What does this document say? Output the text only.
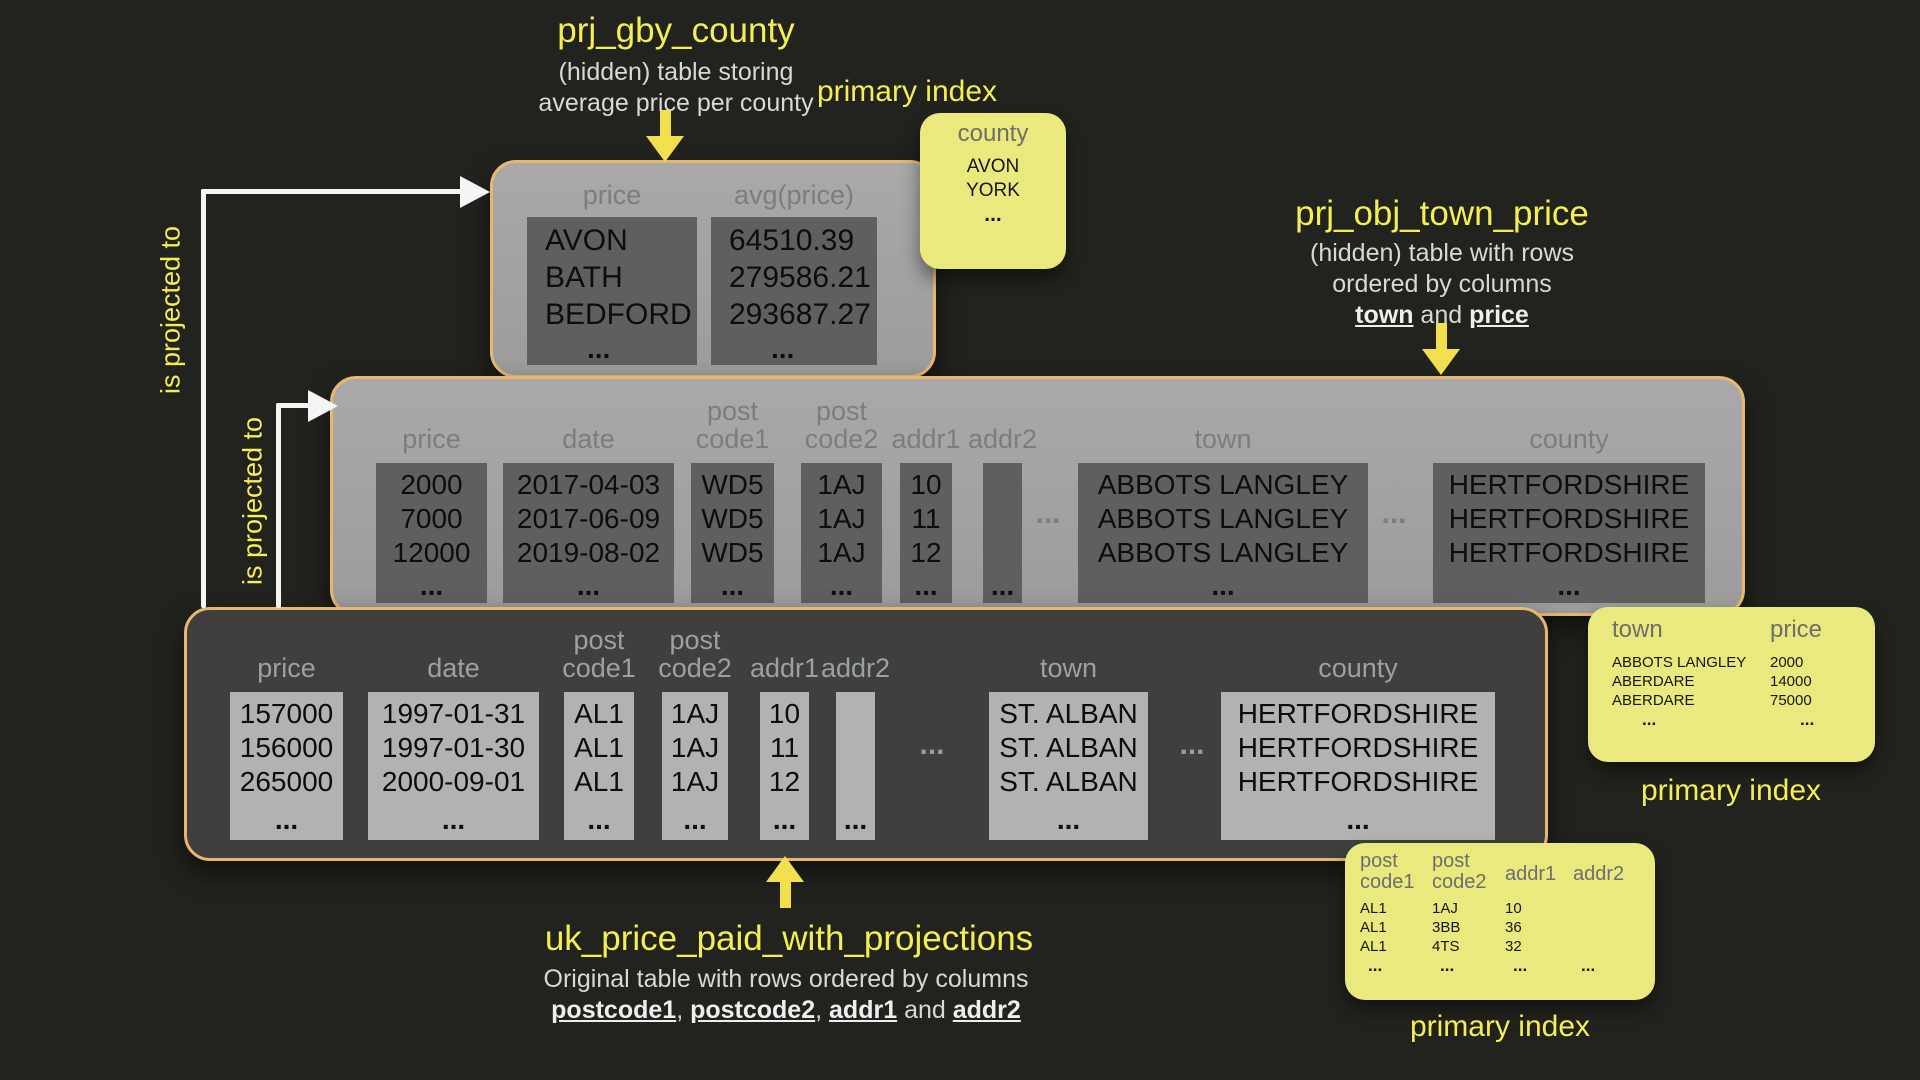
is projected to
is projected to
prj_gby_county
(hidden) table storing
average price per county
prj_obj_town_price
(hidden) table with rows
ordered by columns
town and price
uk_price_paid_with_projections
Original table with rows ordered by columns
postcode1, postcode2, addr1 and addr2
primary index
primary index
primary index
price
AVON
BATH
BEDFORD
...
avg(price)
64510.39
279586.21
293687.27
...
price
2000
7000
12000
...
date
2017-04-03
2017-06-09
2019-08-02
...
post
code1
WD5
WD5
WD5
...
post
code2
1AJ
1AJ
1AJ
...
addr1
10
11
12
...
addr2
...
...
town
ABBOTS LANGLEY
ABBOTS LANGLEY
ABBOTS LANGLEY
...
...
county
HERTFORDSHIRE
HERTFORDSHIRE
HERTFORDSHIRE
...
price
157000
156000
265000
...
date
1997-01-31
1997-01-30
2000-09-01
...
post
code1
AL1
AL1
AL1
...
post
code2
1AJ
1AJ
1AJ
...
addr1
10
11
12
...
addr2
...
...
town
ST. ALBAN
ST. ALBAN
ST. ALBAN
...
...
county
HERTFORDSHIRE
HERTFORDSHIRE
HERTFORDSHIRE
...
county
AVON
YORK
...
town
ABBOTS LANGLEY
ABERDARE
ABERDARE
...
price
2000
14000
75000
...
post
code1
AL1
AL1
AL1
...
post
code2
1AJ
3BB
4TS
...
addr1
10
36
32
...
addr2
...
